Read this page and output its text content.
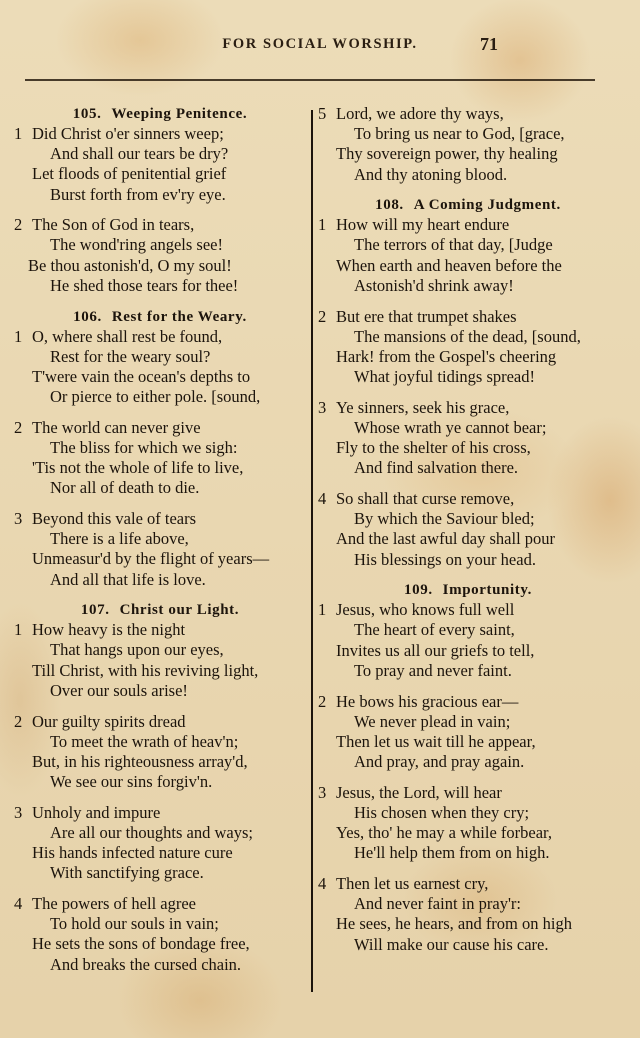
FOR SOCIAL WORSHIP.	71
105. Weeping Penitence.
1 Did Christ o'er sinners weep;
And shall our tears be dry?
Let floods of penitential grief
Burst forth from ev'ry eye.
2 The Son of God in tears,
The wond'ring angels see!
Be thou astonish'd, O my soul!
He shed those tears for thee!
106. Rest for the Weary.
1 O, where shall rest be found,
Rest for the weary soul?
T'were vain the ocean's depths to
Or pierce to either pole. [sound,
2 The world can never give
The bliss for which we sigh:
'Tis not the whole of life to live,
Nor all of death to die.
3 Beyond this vale of tears
There is a life above,
Unmeasur'd by the flight of years—
And all that life is love.
107. Christ our Light.
1 How heavy is the night
That hangs upon our eyes,
Till Christ, with his reviving light,
Over our souls arise!
2 Our guilty spirits dread
To meet the wrath of heav'n;
But, in his righteousness array'd,
We see our sins forgiv'n.
3 Unholy and impure
Are all our thoughts and ways;
His hands infected nature cure
With sanctifying grace.
4 The powers of hell agree
To hold our souls in vain;
He sets the sons of bondage free,
And breaks the cursed chain.
5 Lord, we adore thy ways,
To bring us near to God, [grace,
Thy sovereign power, thy healing
And thy atoning blood.
108. A Coming Judgment.
1 How will my heart endure
The terrors of that day, [Judge
When earth and heaven before the
Astonish'd shrink away!
2 But ere that trumpet shakes
The mansions of the dead, [sound,
Hark! from the Gospel's cheering
What joyful tidings spread!
3 Ye sinners, seek his grace,
Whose wrath ye cannot bear;
Fly to the shelter of his cross,
And find salvation there.
4 So shall that curse remove,
By which the Saviour bled;
And the last awful day shall pour
His blessings on your head.
109. Importunity.
1 Jesus, who knows full well
The heart of every saint,
Invites us all our griefs to tell,
To pray and never faint.
2 He bows his gracious ear—
We never plead in vain;
Then let us wait till he appear,
And pray, and pray again.
3 Jesus, the Lord, will hear
His chosen when they cry;
Yes, tho' he may a while forbear,
He'll help them from on high.
4 Then let us earnest cry,
And never faint in pray'r:
He sees, he hears, and from on high
Will make our cause his care.
